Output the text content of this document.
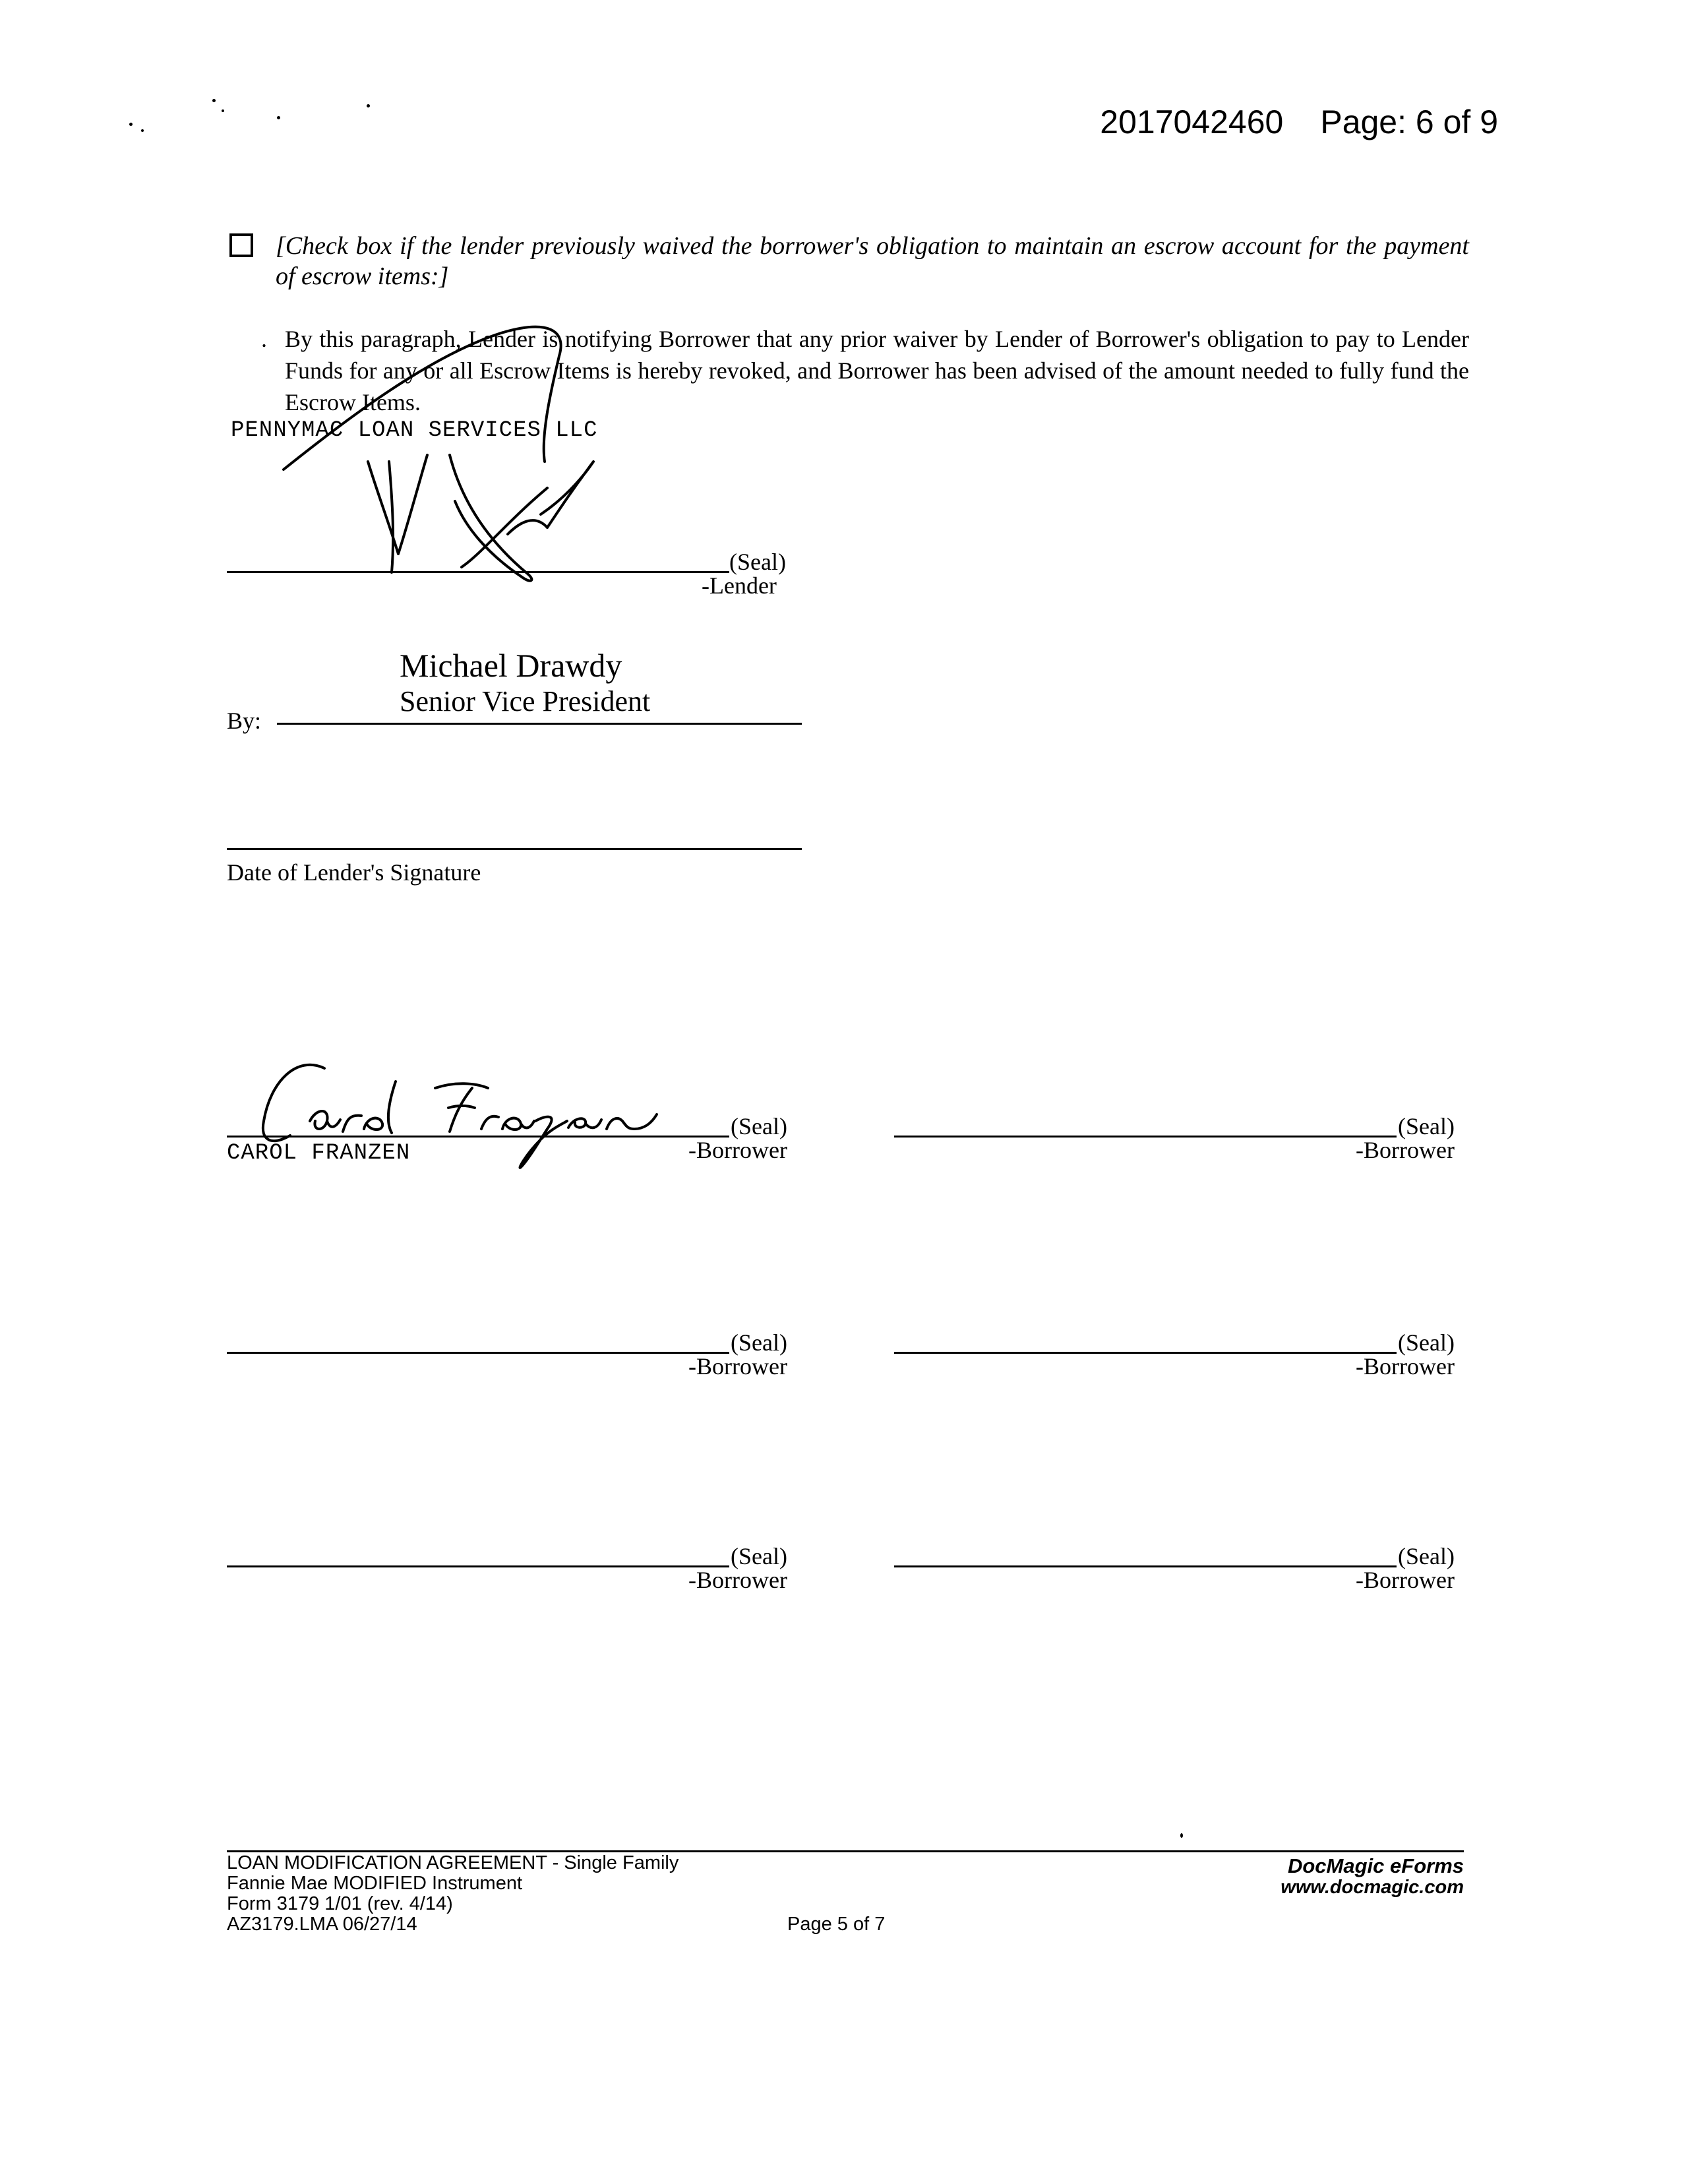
2017042460 Page: 6 of 9
[Check box if the lender previously waived the borrower's obligation to maintain an escrow account for the payment of escrow items:]
. By this paragraph, Lender is notifying Borrower that any prior waiver by Lender of Borrower's obligation to pay to Lender Funds for any or all Escrow Items is hereby revoked, and Borrower has been advised of the amount needed to fully fund the Escrow Items.
PENNYMAC LOAN SERVICES LLC
(Seal)
-Lender
Michael Drawdy
Senior Vice President
By:
Date of Lender's Signature
CAROL FRANZEN
(Seal)
-Borrower
(Seal)
-Borrower
(Seal)
-Borrower
(Seal)
-Borrower
(Seal)
-Borrower
(Seal)
-Borrower
LOAN MODIFICATION AGREEMENT - Single Family
Fannie Mae MODIFIED Instrument
Form 3179 1/01 (rev. 4/14)
AZ3179.LMA 06/27/14	Page 5 of 7
DocMagic eForms
www.docmagic.com
